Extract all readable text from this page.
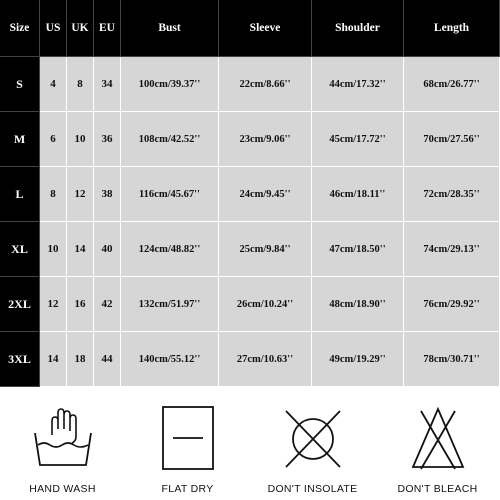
Size	US UK EU	Bust	Sleeve	Shoulder	Length
S	4	8	34	100cm/39.37''	22cm/8.66''	44cm/17.32''	68cm/26.77''
M	6	10	36	108cm/42.52''	23cm/9.06''	45cm/17.72''	70cm/27.56''
L	8	12	38	116cm/45.67''	24cm/9.45''	46cm/18.11''	72cm/28.35''
XL	10	14	40	124cm/48.82''	25cm/9.84''	47cm/18.50''	74cm/29.13''
2XL	12	16	42	132cm/51.97''	26cm/10.24''	48cm/18.90''	76cm/29.92''
3XL	14	18	44	140cm/55.12''	27cm/10.63''	49cm/19.29''	78cm/30.71''
HAND WASH	FLAT DRY	DON'T INSOLATE	DON'T BLEACH
